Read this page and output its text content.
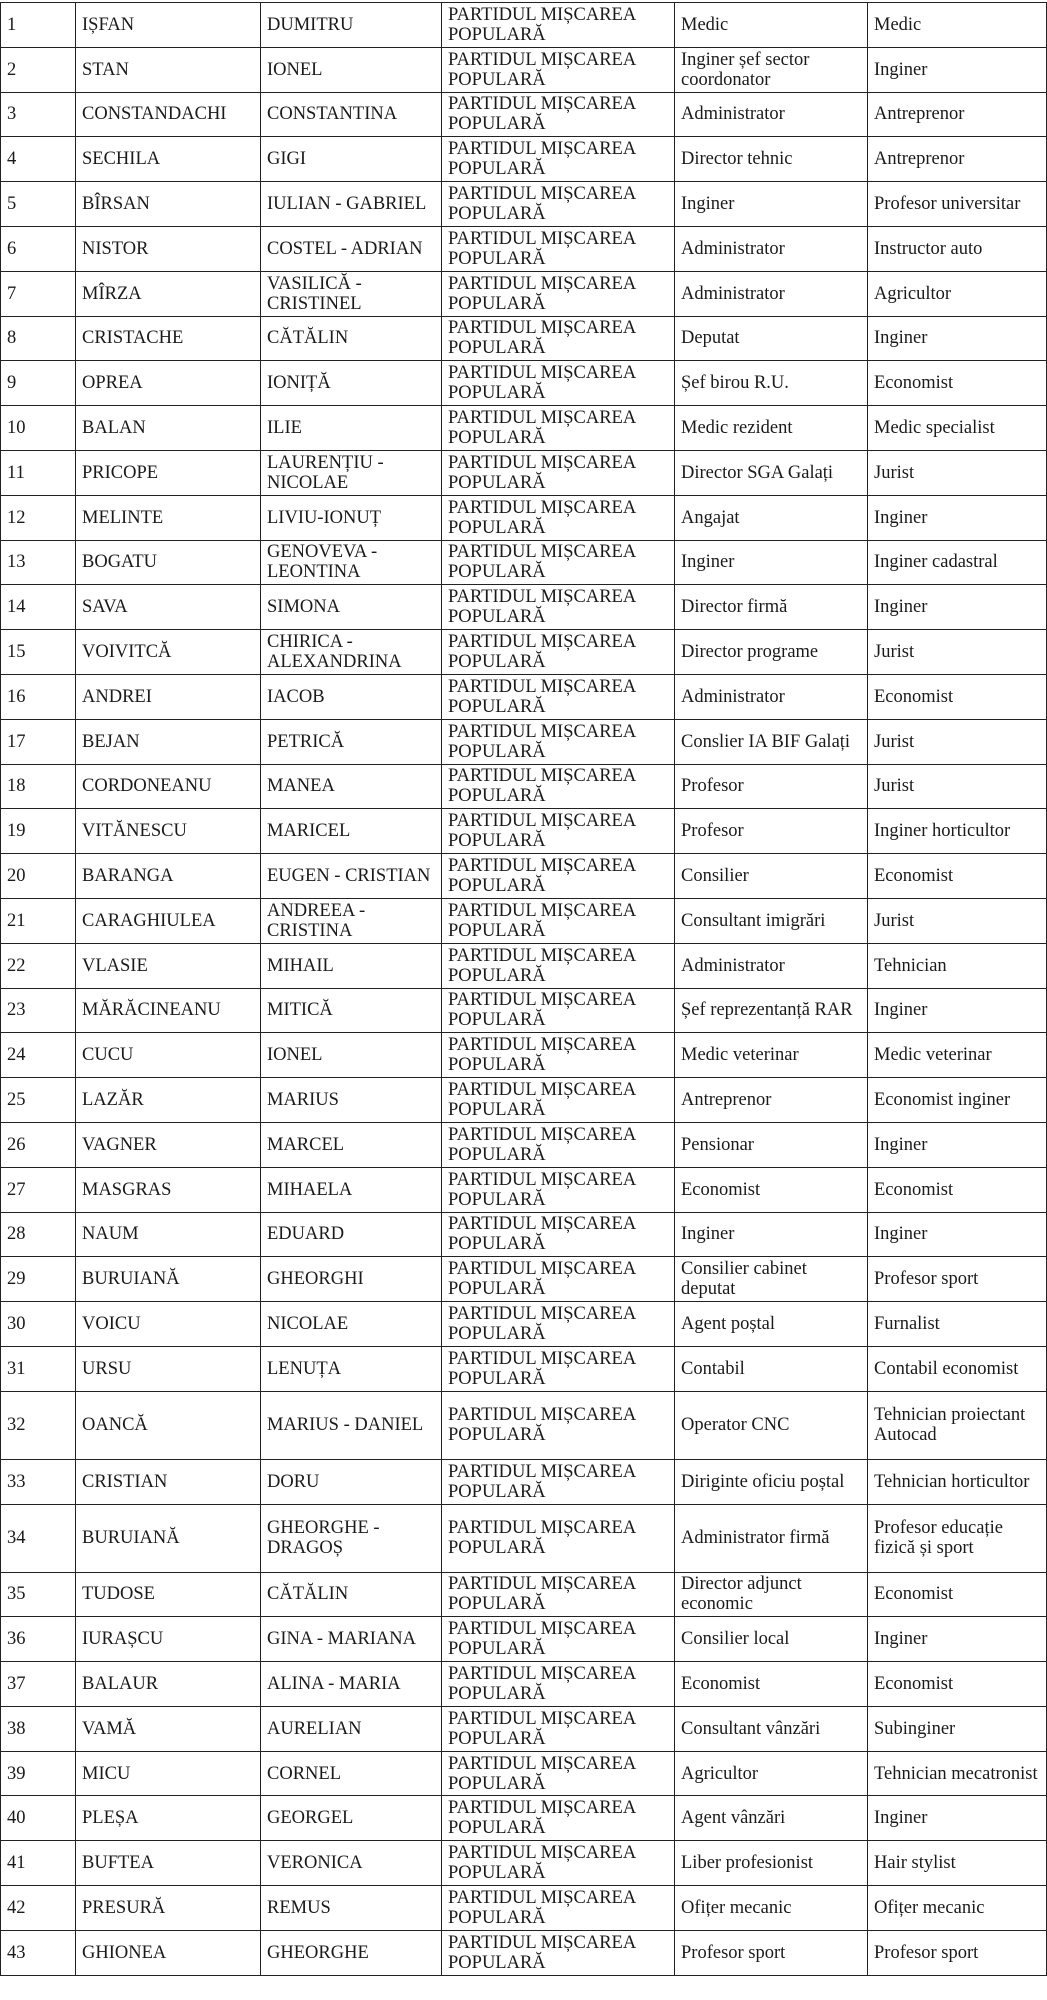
1	IȘFAN	DUMITRU	PARTIDUL MIȘCAREA POPULARĂ	Medic	Medic
2	STAN	IONEL	PARTIDUL MIȘCAREA POPULARĂ	Inginer șef sector coordonator	Inginer
3	CONSTANDACHI	CONSTANTINA	PARTIDUL MIȘCAREA POPULARĂ	Administrator	Antreprenor
4	SECHILA	GIGI	PARTIDUL MIȘCAREA POPULARĂ	Director tehnic	Antreprenor
5	BÎRSAN	IULIAN - GABRIEL	PARTIDUL MIȘCAREA POPULARĂ	Inginer	Profesor universitar
6	NISTOR	COSTEL - ADRIAN	PARTIDUL MIȘCAREA POPULARĂ	Administrator	Instructor auto
7	MÎRZA	VASILICĂ - CRISTINEL	PARTIDUL MIȘCAREA POPULARĂ	Administrator	Agricultor
8	CRISTACHE	CĂTĂLIN	PARTIDUL MIȘCAREA POPULARĂ	Deputat	Inginer
9	OPREA	IONIȚĂ	PARTIDUL MIȘCAREA POPULARĂ	Șef birou R.U.	Economist
10	BALAN	ILIE	PARTIDUL MIȘCAREA POPULARĂ	Medic rezident	Medic specialist
11	PRICOPE	LAURENȚIU - NICOLAE	PARTIDUL MIȘCAREA POPULARĂ	Director SGA Galați	Jurist
12	MELINTE	LIVIU-IONUȚ	PARTIDUL MIȘCAREA POPULARĂ	Angajat	Inginer
13	BOGATU	GENOVEVA - LEONTINA	PARTIDUL MIȘCAREA POPULARĂ	Inginer	Inginer cadastral
14	SAVA	SIMONA	PARTIDUL MIȘCAREA POPULARĂ	Director firmă	Inginer
15	VOIVITCĂ	CHIRICA - ALEXANDRINA	PARTIDUL MIȘCAREA POPULARĂ	Director programe	Jurist
16	ANDREI	IACOB	PARTIDUL MIȘCAREA POPULARĂ	Administrator	Economist
17	BEJAN	PETRICĂ	PARTIDUL MIȘCAREA POPULARĂ	Conslier IA BIF Galați	Jurist
18	CORDONEANU	MANEA	PARTIDUL MIȘCAREA POPULARĂ	Profesor	Jurist
19	VITĂNESCU	MARICEL	PARTIDUL MIȘCAREA POPULARĂ	Profesor	Inginer horticultor
20	BARANGA	EUGEN - CRISTIAN	PARTIDUL MIȘCAREA POPULARĂ	Consilier	Economist
21	CARAGHIULEA	ANDREEA - CRISTINA	PARTIDUL MIȘCAREA POPULARĂ	Consultant imigrări	Jurist
22	VLASIE	MIHAIL	PARTIDUL MIȘCAREA POPULARĂ	Administrator	Tehnician
23	MĂRĂCINEANU	MITICĂ	PARTIDUL MIȘCAREA POPULARĂ	Șef reprezentanță RAR	Inginer
24	CUCU	IONEL	PARTIDUL MIȘCAREA POPULARĂ	Medic veterinar	Medic veterinar
25	LAZĂR	MARIUS	PARTIDUL MIȘCAREA POPULARĂ	Antreprenor	Economist inginer
26	VAGNER	MARCEL	PARTIDUL MIȘCAREA POPULARĂ	Pensionar	Inginer
27	MASGRAS	MIHAELA	PARTIDUL MIȘCAREA POPULARĂ	Economist	Economist
28	NAUM	EDUARD	PARTIDUL MIȘCAREA POPULARĂ	Inginer	Inginer
29	BURUIANĂ	GHEORGHI	PARTIDUL MIȘCAREA POPULARĂ	Consilier cabinet deputat	Profesor sport
30	VOICU	NICOLAE	PARTIDUL MIȘCAREA POPULARĂ	Agent poștal	Furnalist
31	URSU	LENUȚA	PARTIDUL MIȘCAREA POPULARĂ	Contabil	Contabil economist
32	OANCĂ	MARIUS - DANIEL	PARTIDUL MIȘCAREA POPULARĂ	Operator CNC	Tehnician proiectant Autocad
33	CRISTIAN	DORU	PARTIDUL MIȘCAREA POPULARĂ	Diriginte oficiu poștal	Tehnician horticultor
34	BURUIANĂ	GHEORGHE - DRAGOȘ	PARTIDUL MIȘCAREA POPULARĂ	Administrator firmă	Profesor educație fizică și sport
35	TUDOSE	CĂTĂLIN	PARTIDUL MIȘCAREA POPULARĂ	Director adjunct economic	Economist
36	IURAȘCU	GINA - MARIANA	PARTIDUL MIȘCAREA POPULARĂ	Consilier local	Inginer
37	BALAUR	ALINA - MARIA	PARTIDUL MIȘCAREA POPULARĂ	Economist	Economist
38	VAMĂ	AURELIAN	PARTIDUL MIȘCAREA POPULARĂ	Consultant vânzări	Subinginer
39	MICU	CORNEL	PARTIDUL MIȘCAREA POPULARĂ	Agricultor	Tehnician mecatronist
40	PLEȘA	GEORGEL	PARTIDUL MIȘCAREA POPULARĂ	Agent vânzări	Inginer
41	BUFTEA	VERONICA	PARTIDUL MIȘCAREA POPULARĂ	Liber profesionist	Hair stylist
42	PRESURĂ	REMUS	PARTIDUL MIȘCAREA POPULARĂ	Ofițer mecanic	Ofițer mecanic
43	GHIONEA	GHEORGHE	PARTIDUL MIȘCAREA POPULARĂ	Profesor sport	Profesor sport
